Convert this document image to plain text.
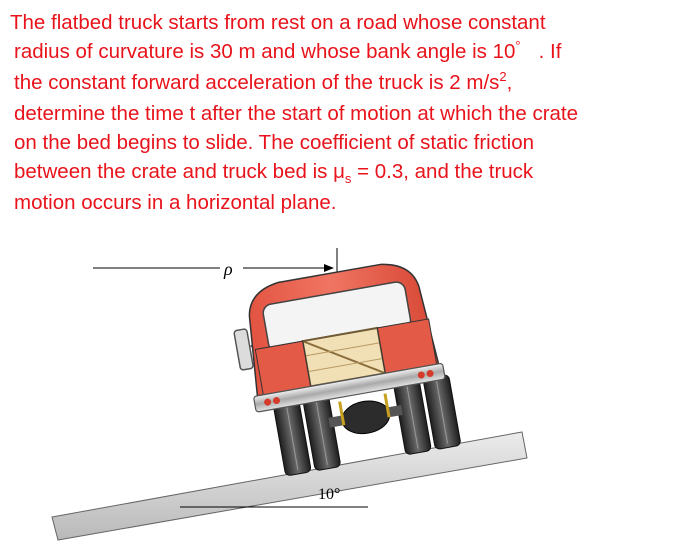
The flatbed truck starts from rest on a road whose constant
radius of curvature is 30 m and whose bank angle is 10° . If
the constant forward acceleration of the truck is 2 $m/s^2$,
determine the time t after the start of motion at which the crate
on the bed begins to slide. The coefficient of static friction
between the crate and truck bed is $\mu_s = 0.3$, and the truck
motion occurs in a horizontal plane.
ρ
10°
